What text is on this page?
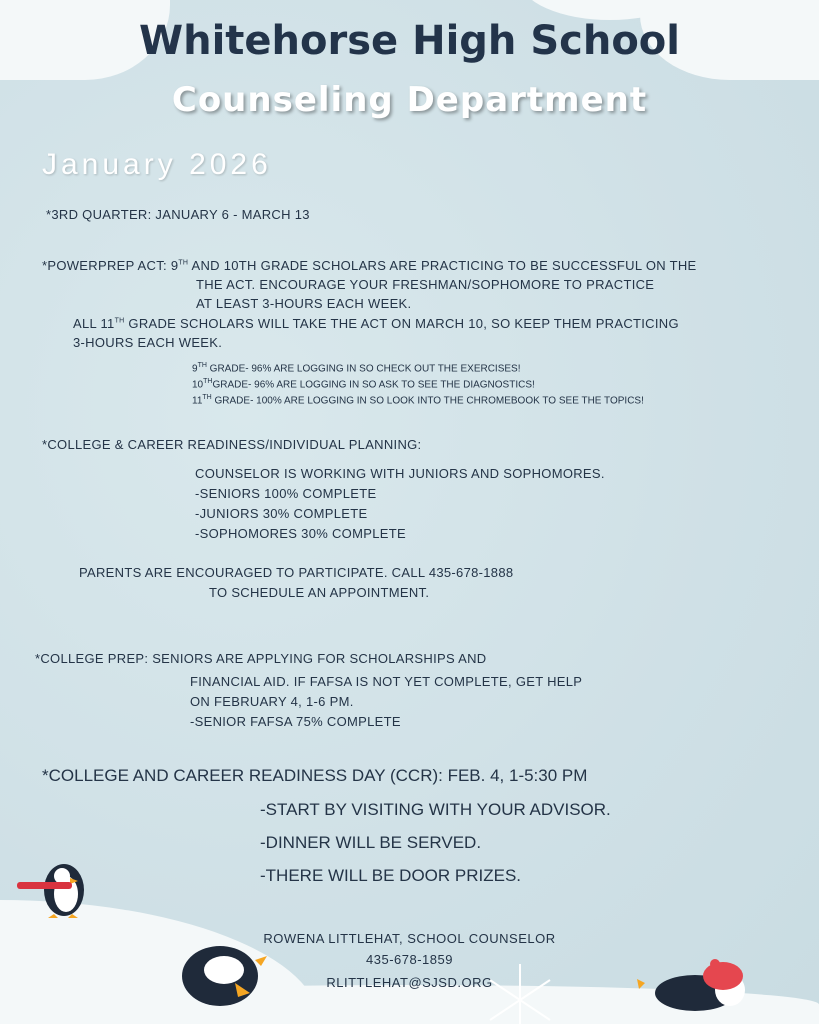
Whitehorse High School
Counseling Department
January 2026
*3RD QUARTER: JANUARY 6 - MARCH 13
*POWERPREP ACT: 9TH AND 10TH GRADE SCHOLARS ARE PRACTICING TO BE SUCCESSFUL ON THE
THE ACT. ENCOURAGE YOUR FRESHMAN/SOPHOMORE TO PRACTICE
AT LEAST 3-HOURS EACH WEEK.
ALL 11TH GRADE SCHOLARS WILL TAKE THE ACT ON MARCH 10, SO KEEP THEM PRACTICING
3-HOURS EACH WEEK.
9TH GRADE- 96% ARE LOGGING IN SO CHECK OUT THE EXERCISES!
10THGRADE- 96% ARE LOGGING IN SO ASK TO SEE THE DIAGNOSTICS!
11TH GRADE- 100% ARE LOGGING IN SO LOOK INTO THE CHROMEBOOK TO SEE THE TOPICS!
*COLLEGE & CAREER READINESS/INDIVIDUAL PLANNING:
COUNSELOR IS WORKING WITH JUNIORS AND SOPHOMORES.
-SENIORS 100% COMPLETE
-JUNIORS 30% COMPLETE
-SOPHOMORES 30% COMPLETE
PARENTS ARE ENCOURAGED TO PARTICIPATE. CALL 435-678-1888
TO SCHEDULE AN APPOINTMENT.
*COLLEGE PREP: SENIORS ARE APPLYING FOR SCHOLARSHIPS AND
FINANCIAL AID. IF FAFSA IS NOT YET COMPLETE, GET HELP
ON FEBRUARY 4, 1-6 PM.
-SENIOR FAFSA 75% COMPLETE
*COLLEGE AND CAREER READINESS DAY (CCR): FEB. 4, 1-5:30 PM
-START BY VISITING WITH YOUR ADVISOR.
-DINNER WILL BE SERVED.
-THERE WILL BE DOOR PRIZES.
ROWENA LITTLEHAT, SCHOOL COUNSELOR
435-678-1859
RLITTLEHAT@SJSD.ORG
